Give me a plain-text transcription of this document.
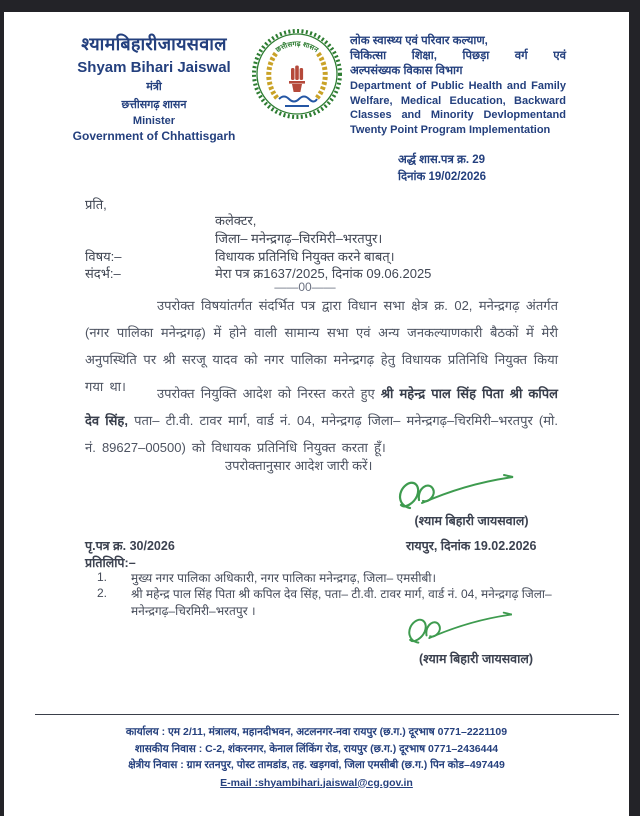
श्यामबिहारीजायसवाल
Shyam Bihari Jaiswal
मंत्री
छत्तीसगढ़ शासन
Minister
Government of Chhattisgarh
छत्तीसगढ़ शासन
लोक स्वास्थ्य एवं परिवार कल्याण,
चिकित्सा शिक्षा, पिछड़ा वर्ग एवं
अल्पसंख्यक विकास विभाग
Department of Public Health and Family
Welfare, Medical Education, Backward
Classes and Minority Devlopmentand
Twenty Point Program Implementation
अर्द्ध शास.पत्र क्र. 29
दिनांक 19/02/2026
प्रति,
कलेक्टर,
जिला– मनेन्द्रगढ़–चिरमिरी–भरतपुर।
विषय:–	विधायक प्रतिनिधि नियुक्त करने बाबत्।
संदर्भ:–	मेरा पत्र क्र1637/2025, दिनांक 09.06.2025
——00——
उपरोक्त विषयांतर्गत संदर्भित पत्र द्वारा विधान सभा क्षेत्र क्र. 02, मनेन्द्रगढ़ अंतर्गत (नगर पालिका मनेन्द्रगढ़) में होने वाली सामान्य सभा एवं अन्य जनकल्याणकारी बैठकों में मेरी अनुपस्थिति पर श्री सरजू यादव को नगर पालिका मनेन्द्रगढ़ हेतु विधायक प्रतिनिधि नियुक्त किया गया था।	उपरोक्त नियुक्ति आदेश को निरस्त करते हुए श्री महेन्द्र पाल सिंह पिता श्री कपिल देव सिंह, पता– टी.वी. टावर मार्ग, वार्ड नं. 04, मनेन्द्रगढ़ जिला– मनेन्द्रगढ़–चिरमिरी–भरतपुर (मो. नं. 89627–00500) को विधायक प्रतिनिधि नियुक्त करता हूँ।
उपरोक्तानुसार आदेश जारी करें।
(श्याम बिहारी जायसवाल)
रायपुर, दिनांक 19.02.2026
पृ.पत्र क्र. 30/2026
प्रतिलिपि:–
1. मुख्य नगर पालिका अधिकारी, नगर पालिका मनेन्द्रगढ़, जिला– एमसीबी।
2. श्री महेन्द्र पाल सिंह पिता श्री कपिल देव सिंह, पता– टी.वी. टावर मार्ग, वार्ड नं. 04, मनेन्द्रगढ़ जिला– मनेन्द्रगढ़–चिरमिरी–भरतपुर ।
(श्याम बिहारी जायसवाल)
कार्यालय : एम 2/11, मंत्रालय, महानदीभवन, अटलनगर-नवा रायपुर (छ.ग.) दूरभाष 0771–2221109
शासकीय निवास : C-2, शंकरनगर, केनाल लिंकिंग रोड, रायपुर (छ.ग.) दूरभाष 0771–2436444
क्षेत्रीय निवास : ग्राम रतनपुर, पोस्ट तामडांड, तह. खड़गवां, जिला एमसीबी (छ.ग.) पिन कोड–497449
E-mail :shyambihari.jaiswal@cg.gov.in
